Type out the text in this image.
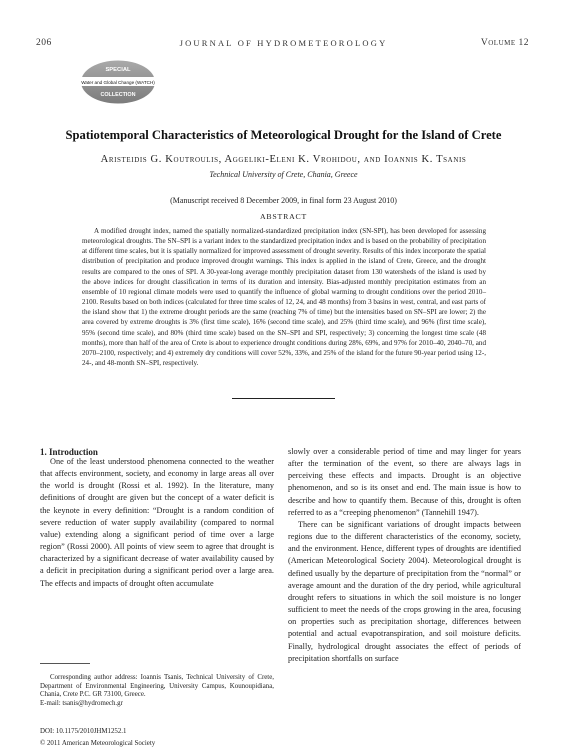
206	JOURNAL OF HYDROMETEOROLOGY	Volume 12
SPECIAL
Water and Global Change (WATCH)
COLLECTION
Spatiotemporal Characteristics of Meteorological Drought for the Island of Crete
Aristeidis G. Koutroulis, Aggeliki-Eleni K. Vrohidou, and Ioannis K. Tsanis
Technical University of Crete, Chania, Greece
(Manuscript received 8 December 2009, in final form 23 August 2010)
ABSTRACT
A modified drought index, named the spatially normalized-standardized precipitation index (SN-SPI), has been developed for assessing meteorological droughts. The SN–SPI is a variant index to the standardized precipitation index and is based on the probability of precipitation at different time scales, but it is spatially normalized for improved assessment of drought severity. Results of this index incorporate the spatial distribution of precipitation and produce improved drought warnings. This index is applied in the island of Crete, Greece, and the drought results are compared to the ones of SPI. A 30-year-long average monthly precipitation dataset from 130 watersheds of the island is used by the above indices for drought classification in terms of its duration and intensity. Bias-adjusted monthly precipitation estimates from an ensemble of 10 regional climate models were used to quantify the influence of global warming to drought conditions over the period 2010–2100. Results based on both indices (calculated for three time scales of 12, 24, and 48 months) from 3 basins in west, central, and east parts of the island show that 1) the extreme drought periods are the same (reaching 7% of time) but the intensities based on SN–SPI are lower; 2) the area covered by extreme droughts is 3% (first time scale), 16% (second time scale), and 25% (third time scale), and 96% (first time scale), 95% (second time scale), and 80% (third time scale) based on the SN–SPI and SPI, respectively; 3) concerning the longest time scale (48 months), more than half of the area of Crete is about to experience drought conditions during 28%, 69%, and 97% for 2010–40, 2040–70, and 2070–2100, respectively; and 4) extremely dry conditions will cover 52%, 33%, and 25% of the island for the future 90-year period using 12-, 24-, and 48-month SN–SPI, respectively.
1. Introduction

One of the least understood phenomena connected to the weather that affects environment, society, and economy in large areas all over the world is drought (Rossi et al. 1992). In the literature, many definitions of drought are given but the concept of a water deficit is the keynote in every definition: “Drought is a random condition of severe reduction of water supply availability (compared to normal value) extending along a significant period of time over a large region” (Rossi 2000). All points of view seem to agree that drought is characterized by a significant decrease of water availability caused by a deficit in precipitation during a significant period over a large area. The effects and impacts of drought often accumulate

slowly over a considerable period of time and may linger for years after the termination of the event, so there are always lags in perceiving these effects and impacts. Drought is an objective phenomenon, and so is its onset and end. The main issue is how to describe and how to quantify them. Because of this, drought is often referred to as a “creeping phenomenon” (Tannehill 1947).

There can be significant variations of drought impacts between regions due to the different characteristics of the economy, society, and the environment. Hence, different types of droughts are identified (American Meteorological Society 2004). Meteorological drought is defined usually by the departure of precipitation from the “normal” or average amount and the duration of the dry period, while agricultural drought refers to situations in which the soil moisture is no longer sufficient to meet the needs of the crops growing in the area, focusing on properties such as precipitation shortage, differences between potential and actual evapotranspiration, and soil moisture deficits. Finally, hydrological drought associates the effect of periods of precipitation shortfalls on surface

Corresponding author address: Ioannis Tsanis, Technical University of Crete, Department of Environmental Engineering, University Campus, Kounoupidiana, Chania, Crete P.C. GR 73100, Greece.
E-mail: tsanis@hydromech.gr
DOI: 10.1175/2010JHM1252.1
© 2011 American Meteorological Society
